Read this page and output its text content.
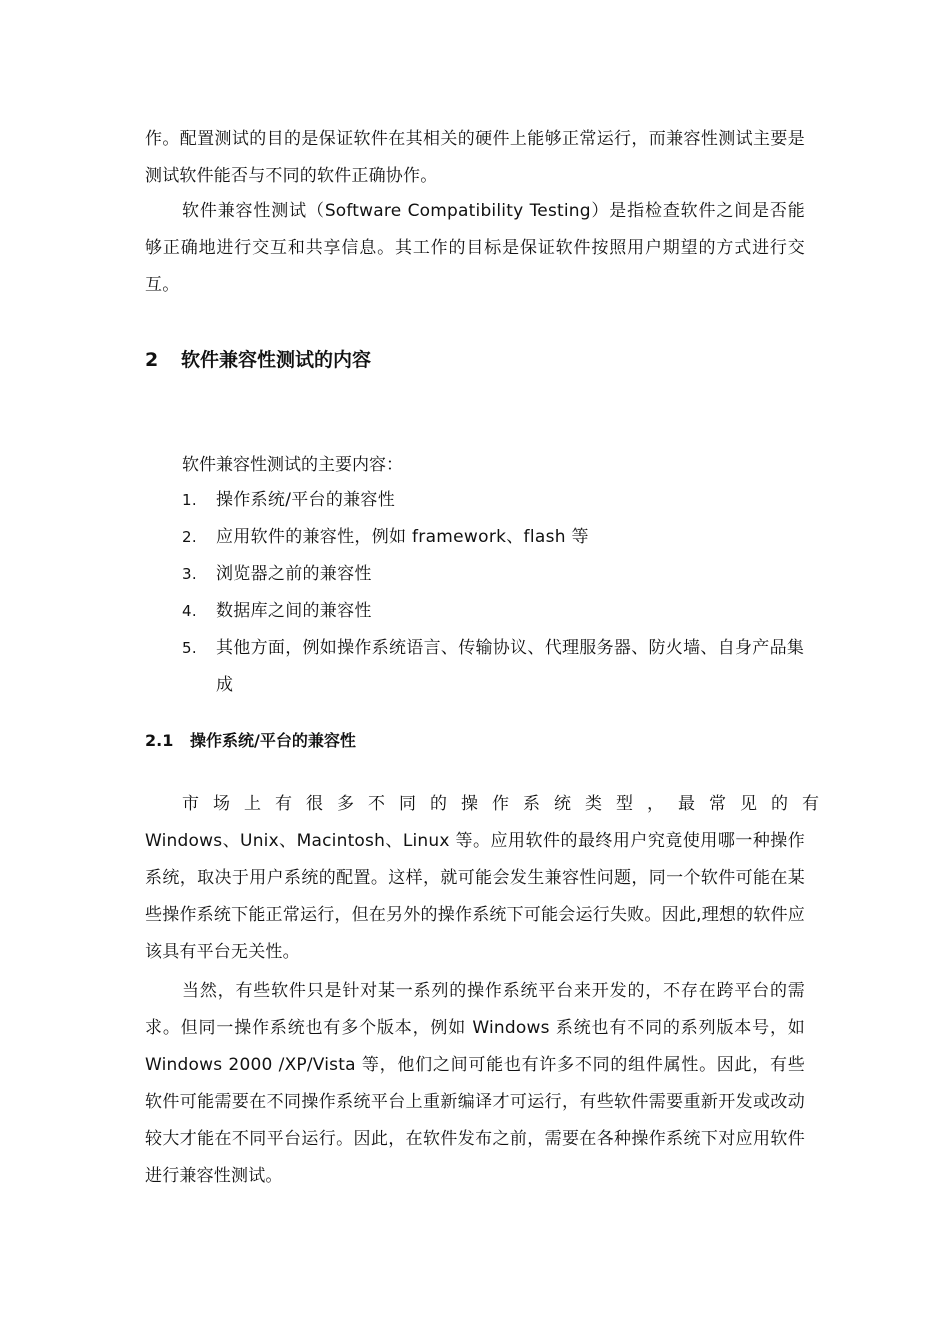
作。配置测试的目的是保证软件在其相关的硬件上能够正常运行，而兼容性测试主要是测试软件能否与不同的软件正确协作。

软件兼容性测试（Software Compatibility Testing）是指检查软件之间是否能够正确地进行交互和共享信息。其工作的目标是保证软件按照用户期望的方式进行交互。

2 软件兼容性测试的内容

软件兼容性测试的主要内容：

1. 操作系统/平台的兼容性
2. 应用软件的兼容性，例如 framework、flash 等
3. 浏览器之前的兼容性
4. 数据库之间的兼容性
5. 其他方面，例如操作系统语言、传输协议、代理服务器、防火墙、自身产品集成
2.1 操作系统/平台的兼容性
市场上有很多不同的操作系统类型，最常见的有
Windows、Unix、Macintosh、Linux 等。应用软件的最终用户究竟使用哪一种操作系统，取决于用户系统的配置。这样，就可能会发生兼容性问题，同一个软件可能在某些操作系统下能正常运行，但在另外的操作系统下可能会运行失败。因此,理想的软件应该具有平台无关性。

当然，有些软件只是针对某一系列的操作系统平台来开发的，不存在跨平台的需求。但同一操作系统也有多个版本，例如 Windows 系统也有不同的系列版本号，如 Windows 2000 /XP/Vista 等，他们之间可能也有许多不同的组件属性。因此，有些软件可能需要在不同操作系统平台上重新编译才可运行，有些软件需要重新开发或改动较大才能在不同平台运行。因此，在软件发布之前，需要在各种操作系统下对应用软件进行兼容性测试。
